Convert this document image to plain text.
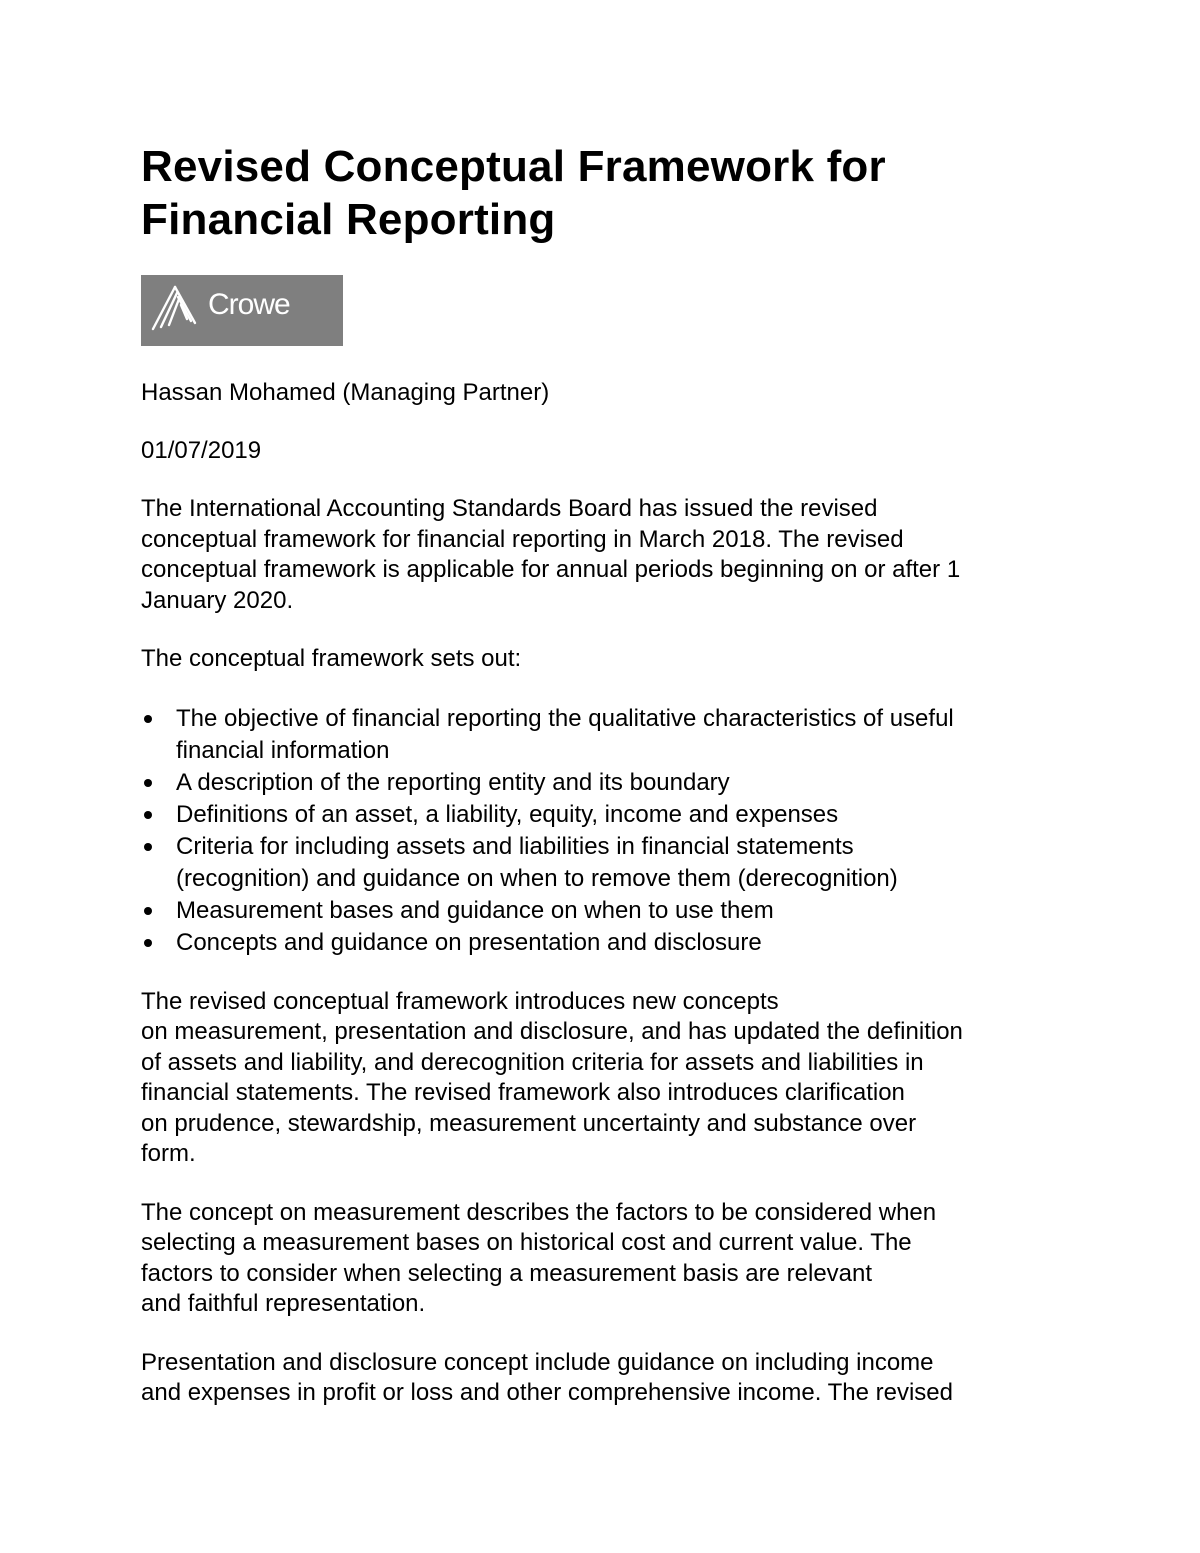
Revised Conceptual Framework for
Financial Reporting
Crowe
Hassan Mohamed (Managing Partner)
01/07/2019

The International Accounting Standards Board has issued the revised
conceptual framework for financial reporting in March 2018. The revised
conceptual framework is applicable for annual periods beginning on or after 1
January 2020.

The conceptual framework sets out:

The objective of financial reporting the qualitative characteristics of useful
financial information
A description of the reporting entity and its boundary
Definitions of an asset, a liability, equity, income and expenses
Criteria for including assets and liabilities in financial statements
(recognition) and guidance on when to remove them (derecognition)
Measurement bases and guidance on when to use them
Concepts and guidance on presentation and disclosure

The revised conceptual framework introduces new concepts
on measurement, presentation and disclosure, and has updated the definition
of assets and liability, and derecognition criteria for assets and liabilities in
financial statements. The revised framework also introduces clarification
on prudence, stewardship, measurement uncertainty and substance over
form.

The concept on measurement describes the factors to be considered when
selecting a measurement bases on historical cost and current value. The
factors to consider when selecting a measurement basis are relevant
and faithful representation.

Presentation and disclosure concept include guidance on including income
and expenses in profit or loss and other comprehensive income. The revised
